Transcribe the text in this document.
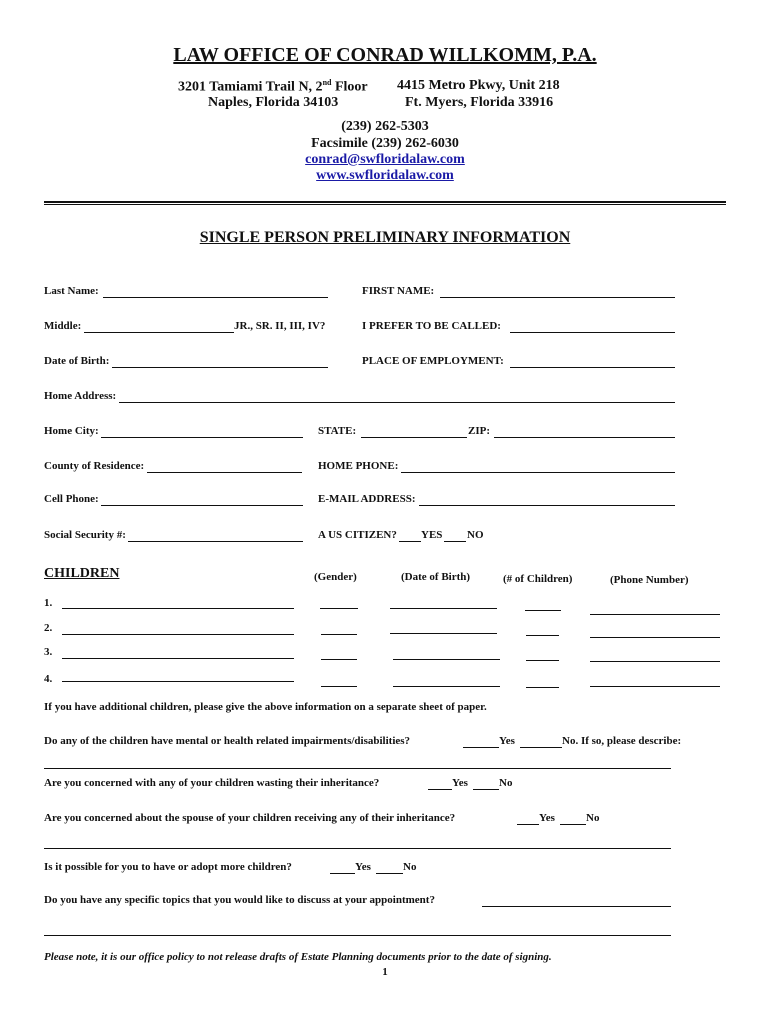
LAW OFFICE OF CONRAD WILLKOMM, P.A.
3201 Tamiami Trail N, 2nd Floor
Naples, Florida 34103
4415 Metro Pkwy, Unit 218
Ft. Myers, Florida 33916
(239) 262-5303
Facsimile (239) 262-6030
conrad@swfloridalaw.com
www.swfloridalaw.com
SINGLE PERSON PRELIMINARY INFORMATION
Last Name:	FIRST NAME:
Middle:	JR., SR. II, III, IV?	I PREFER TO BE CALLED:
Date of Birth:	PLACE OF EMPLOYMENT:
Home Address:
Home City:	STATE:	ZIP:
County of Residence:	HOME PHONE:
Cell Phone:	E-MAIL ADDRESS:
Social Security #:	A US CITIZEN? YES NO
CHILDREN	(Gender)	(Date of Birth)	(# of Children)	(Phone Number)
1.
2.
3.
4.
If you have additional children, please give the above information on a separate sheet of paper.
Do any of the children have mental or health related impairments/disabilities?	Yes	No. If so, please describe:
Are you concerned with any of your children wasting their inheritance?	Yes	No
Are you concerned about the spouse of your children receiving any of their inheritance?	Yes	No
Is it possible for you to have or adopt more children?	Yes	No
Do you have any specific topics that you would like to discuss at your appointment?
Please note, it is our office policy to not release drafts of Estate Planning documents prior to the date of signing.
1
